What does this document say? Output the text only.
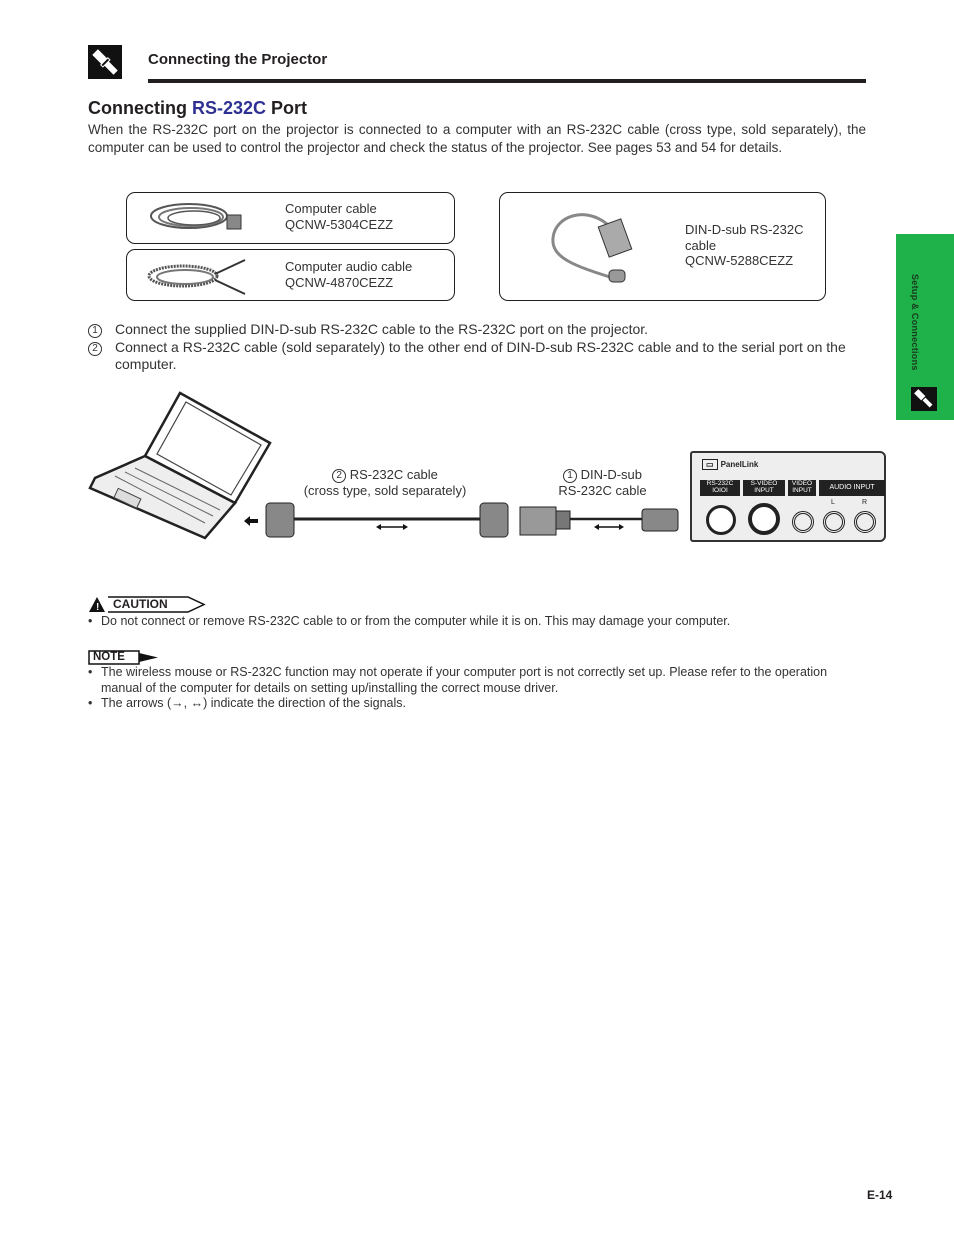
Connecting the Projector
Connecting RS-232C Port
When the RS-232C port on the projector is connected to a computer with an RS-232C cable (cross type, sold separately), the computer can be used to control the projector and check the status of the projector. See pages 53 and 54 for details.
Computer cable
QCNW-5304CEZZ
Computer audio cable
QCNW-4870CEZZ
DIN-D-sub RS-232C
cable
QCNW-5288CEZZ
1	Connect the supplied DIN-D-sub RS-232C cable to the RS-232C port on the projector.
2	Connect a RS-232C cable (sold separately) to the other end of DIN-D-sub RS-232C cable and to the serial port on the computer.
2 RS-232C cable
(cross type, sold separately)
1 DIN-D-sub
RS-232C cable
▭ PanelLink
RS-232C
IOIOI
S-VIDEO INPUT
VIDEO INPUT	AUDIO INPUT
L	R
Setup & Connections
! CAUTION
• Do not connect or remove RS-232C cable to or from the computer while it is on. This may damage your computer.
NOTE
• The wireless mouse or RS-232C function may not operate if your computer port is not correctly set up. Please refer to the operation manual of the computer for details on setting up/installing the correct mouse driver.
• The arrows (→, ↔) indicate the direction of the signals.
E-14
